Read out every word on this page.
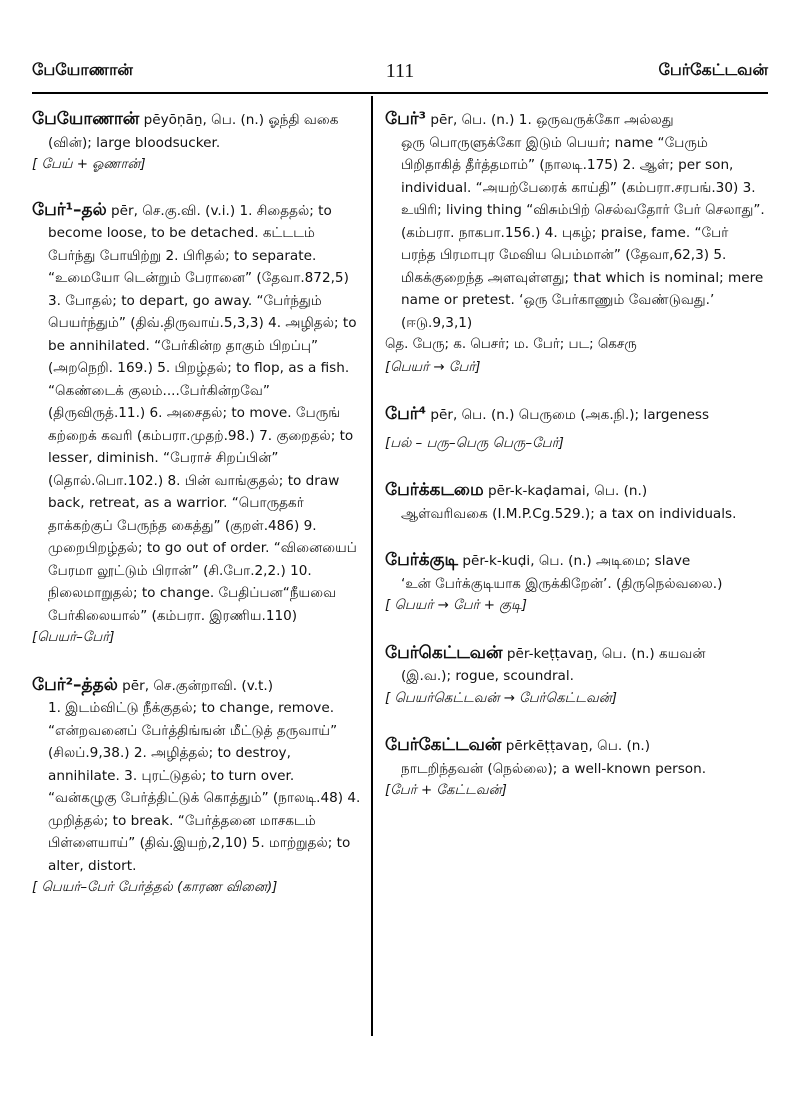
பேயோணான்	111	பேர்கேட்டவன்

பேயோணான் pēyōṇāṉ, பெ. (n.) ஓந்தி வகை

(வின்); large bloodsucker.

[ பேய் + ஓணான்]

பேர்¹–தல் pēr, செ.கு.வி. (v.i.) 1. சிதைதல்; to

become loose, to be detached. கட்டடம் பேர்ந்து போயிற்று 2. பிரிதல்; to separate. “உமையோ டென்றும் பேரானை” (தேவா.872,5) 3. போதல்; to depart, go away. “பேர்ந்தும் பெயர்ந்தும்” (திவ்.திருவாய்.5,3,3) 4. அழிதல்; to be annihilated. “பேர்கின்ற தாகும் பிறப்பு” (அறநெறி. 169.) 5. பிறழ்தல்; to flop, as a fish. “கெண்டைக் குலம்....பேர்கின்றவே” (திருவிருத்.11.) 6. அசைதல்; to move. பேருங் கற்றைக் கவரி (கம்பரா.முதற்.98.) 7. குறைதல்; to lesser, diminish. “பேராச் சிறப்பின்” (தொல்.பொ.102.) 8. பின் வாங்குதல்; to draw back, retreat, as a warrior. “பொருதகர் தாக்கற்குப் பேருந்த கைத்து” (குறள்.486) 9. முறைபிறழ்தல்; to go out of order. “வினையைப் பேரமா லூட்டும் பிரான்” (சி.போ.2,2.) 10. நிலைமாறுதல்; to change. பேதிப்பன“நீயவை பேர்கிலையால்” (கம்பரா. இரணிய.110)

[பெயர்–பேர்]

பேர்²–த்தல் pēr, செ.குன்றாவி. (v.t.)

1. இடம்விட்டு நீக்குதல்; to change, remove. “என்றவனைப் பேர்த்திங்ஙன் மீட்டுத் தருவாய்” (சிலப்.9,38.) 2. அழித்தல்; to destroy, annihilate. 3. புரட்டுதல்; to turn over. “வன்கழுகு பேர்த்திட்டுக் கொத்தும்” (நாலடி.48) 4. முறித்தல்; to break. “பேர்த்தனை மாசகடம் பிள்ளையாய்” (திவ்.இயற்,2,10) 5. மாற்றுதல்; to alter, distort.

[ பெயர்–பேர் பேர்த்தல் (காரண வினை)]

பேர்³ pēr, பெ. (n.) 1. ஒருவருக்கோ அல்லது

ஒரு பொருளுக்கோ இடும் பெயர்; name “பேரும் பிறிதாகித் தீர்த்தமாம்” (நாலடி.175) 2. ஆள்; per son, individual. “அயற்பேரைக் காய்தி” (கம்பரா.சரபங்.30) 3. உயிரி; living thing “விசும்பிற் செல்வதோர் பேர் செலாது”. (கம்பரா. நாகபா.156.) 4. புகழ்; praise, fame. “பேர் பரந்த பிரமாபுர மேவிய பெம்மான்” (தேவா,62,3) 5. மிகக்குறைந்த அளவுள்ளது; that which is nominal; mere name or pretest. ‘ஒரு பேர்காணும் வேண்டுவது.’ (ஈடு.9,3,1)

தெ. பேரு; க. பெசர்; ம. பேர்; பட; கெசரு

[பெயர் → பேர்]

பேர்⁴ pēr, பெ. (n.) பெருமை (அக.நி.); largeness

[பல் – பரு–பெரு பெரு–பேர்]

பேர்க்கடமை pēr-k-kaḍamai, பெ. (n.)

ஆள்வரிவகை (I.M.P.Cg.529.); a tax on individuals.

பேர்க்குடி pēr-k-kuḍi, பெ. (n.) அடிமை; slave

‘உன் பேர்க்குடியாக இருக்கிறேன்’. (திருநெல்வலை.)

[ பெயர் → பேர் + குடி]

பேர்கெட்டவன் pēr-keṭṭavaṉ, பெ. (n.) கயவன்

(இ.வ.); rogue, scoundral.

[ பெயர்கெட்டவன் → பேர்கெட்டவன்]

பேர்கேட்டவன் pērkēṭṭavaṉ, பெ. (n.)

நாடறிந்தவன் (நெல்லை); a well-known person.

[பேர் + கேட்டவன்]
